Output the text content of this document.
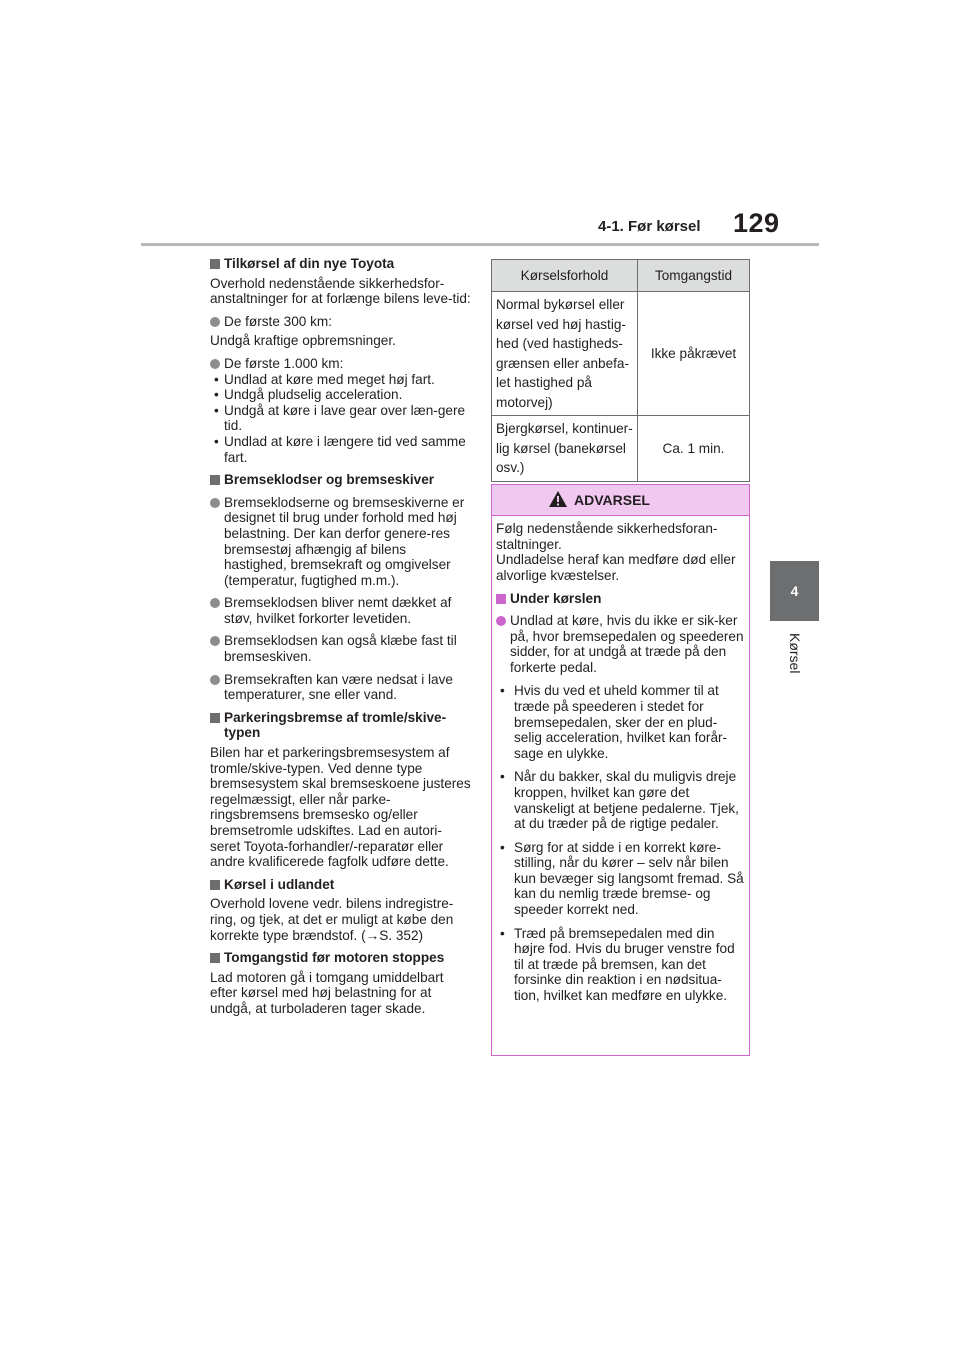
4-1. Før kørsel 129
4
Kørsel

Tilkørsel af din nye Toyota

Overhold nedenstående sikkerhedsfor-anstaltninger for at forlænge bilens leve-tid:

De første 300 km:

Undgå kraftige opbremsninger.

De første 1.000 km:

• Undlad at køre med meget høj fart.

• Undgå pludselig acceleration.

• Undgå at køre i lave gear over læn-gere tid.

• Undlad at køre i længere tid ved samme fart.

Bremseklodser og bremseskiver

Bremseklodserne og bremseskiverne er designet til brug under forhold med høj belastning. Der kan derfor genere-res bremsestøj afhængig af bilens hastighed, bremsekraft og omgivelser (temperatur, fugtighed m.m.).

Bremseklodsen bliver nemt dækket af støv, hvilket forkorter levetiden.

Bremseklodsen kan også klæbe fast til bremseskiven.

Bremsekraften kan være nedsat i lave temperaturer, sne eller vand.

Parkeringsbremse af tromle/skive-typen

Bilen har et parkeringsbremsesystem af tromle/skive-typen. Ved denne type bremsesystem skal bremseskoene justeres regelmæssigt, eller når parke-ringsbremsens bremsesko og/eller bremsetromle udskiftes. Lad en autori-seret Toyota-forhandler/-reparatør eller andre kvalificerede fagfolk udføre dette.

Kørsel i udlandet

Overhold lovene vedr. bilens indregistre-ring, og tjek, at det er muligt at købe den korrekte type brændstof. (→S. 352)

Tomgangstid før motoren stoppes

Lad motoren gå i tomgang umiddelbart efter kørsel med høj belastning for at undgå, at turboladeren tager skade.

Kørselsforhold	Tomgangstid
Normal bykørsel eller kørsel ved høj hastig-hed (ved hastigheds-grænsen eller anbefa-let hastighed på motorvej)	Ikke påkrævet
Bjergkørsel, kontinuer-lig kørsel (banekørsel osv.)	Ca. 1 min.
ADVARSEL

Følg nedenstående sikkerhedsforan-staltninger.

Undladelse heraf kan medføre død eller alvorlige kvæstelser.

Under kørslen

Undlad at køre, hvis du ikke er sik-ker på, hvor bremsepedalen og speederen sidder, for at undgå at træde på den forkerte pedal.

• Hvis du ved et uheld kommer til at træde på speederen i stedet for bremsepedalen, sker der en plud-selig acceleration, hvilket kan forår-sage en ulykke.

• Når du bakker, skal du muligvis dreje kroppen, hvilket kan gøre det vanskeligt at betjene pedalerne. Tjek, at du træder på de rigtige pedaler.

• Sørg for at sidde i en korrekt køre-stilling, når du kører – selv når bilen kun bevæger sig langsomt fremad. Så kan du nemlig træde bremse- og speeder korrekt ned.

• Træd på bremsepedalen med din højre fod. Hvis du bruger venstre fod til at træde på bremsen, kan det forsinke din reaktion i en nødsitua-tion, hvilket kan medføre en ulykke.
